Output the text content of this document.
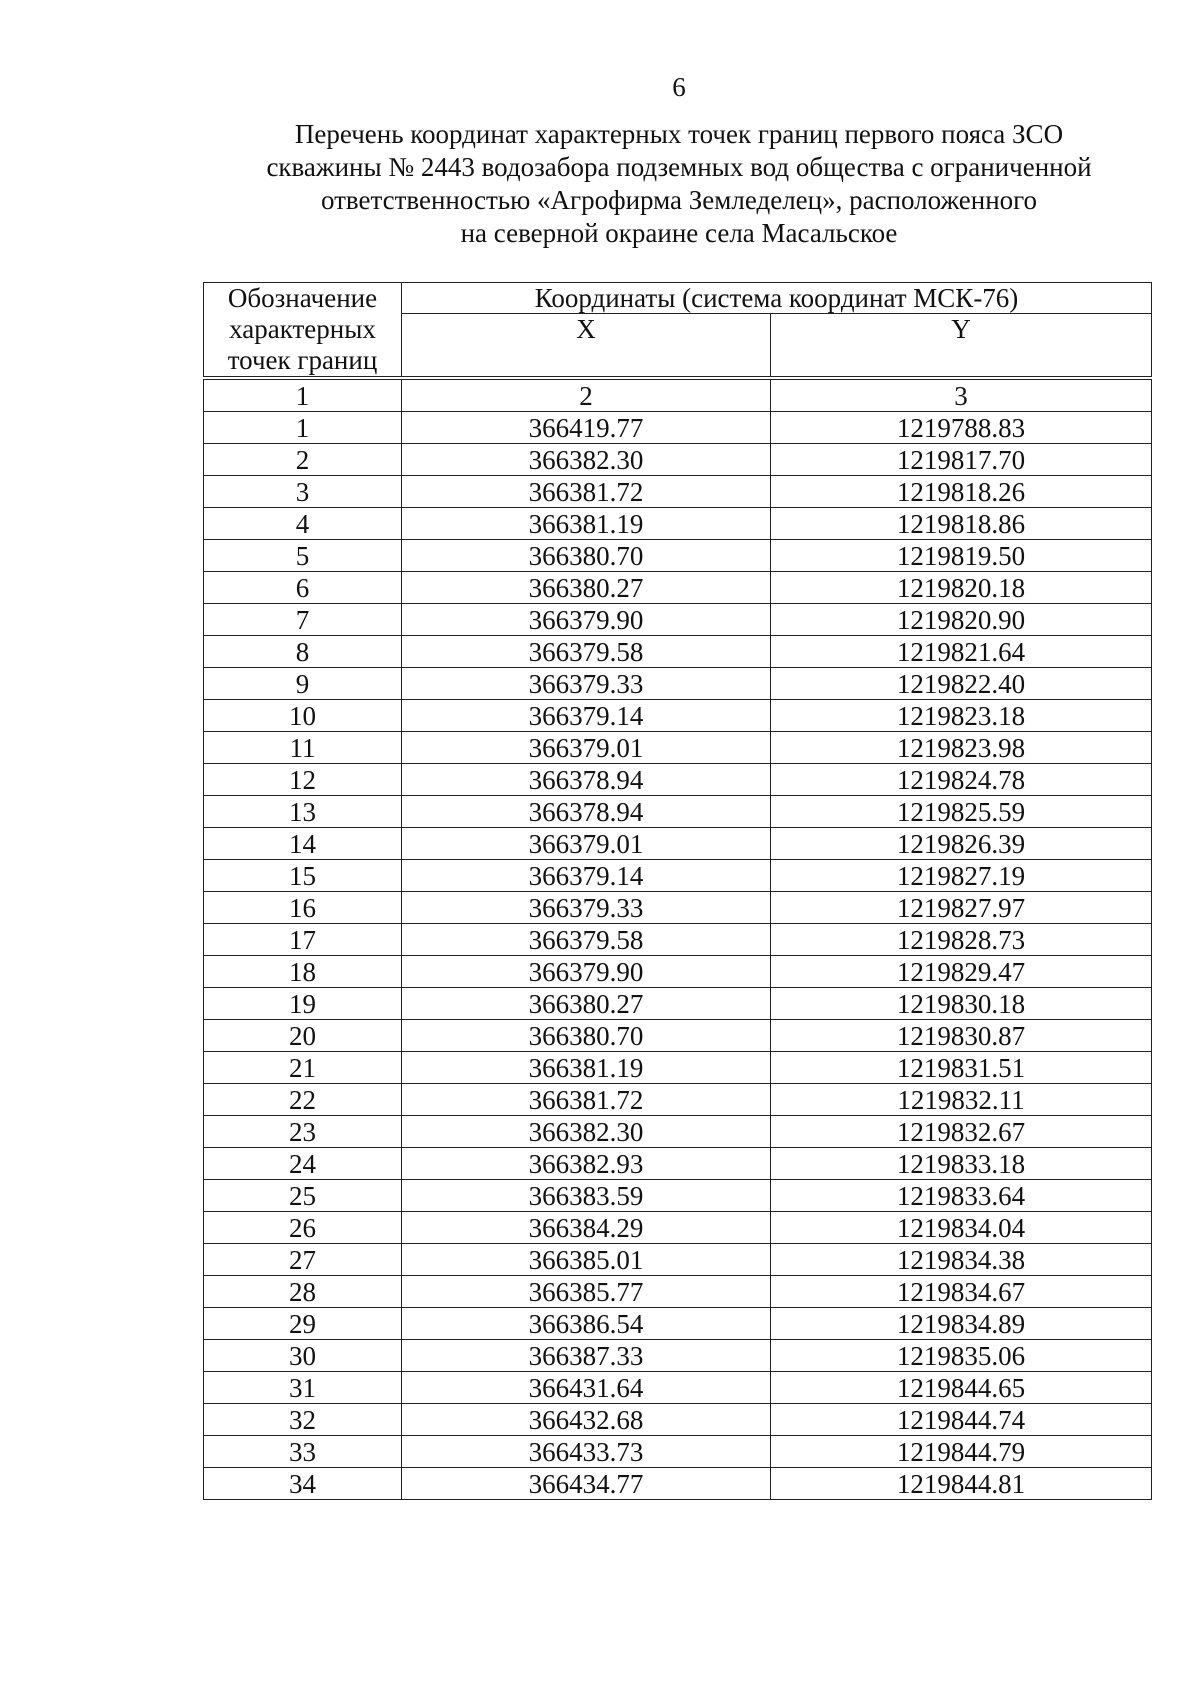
6
Перечень координат характерных точек границ первого пояса ЗСО
скважины № 2443 водозабора подземных вод общества с ограниченной
ответственностью «Агрофирма Земледелец», расположенного
на северной окраине села Масальское
Обозначение характерных точек границ	Координаты (система координат МСК-76)	
	X	Y
1	2	3
1	366419.77	1219788.83
2	366382.30	1219817.70
3	366381.72	1219818.26
4	366381.19	1219818.86
5	366380.70	1219819.50
6	366380.27	1219820.18
7	366379.90	1219820.90
8	366379.58	1219821.64
9	366379.33	1219822.40
10	366379.14	1219823.18
11	366379.01	1219823.98
12	366378.94	1219824.78
13	366378.94	1219825.59
14	366379.01	1219826.39
15	366379.14	1219827.19
16	366379.33	1219827.97
17	366379.58	1219828.73
18	366379.90	1219829.47
19	366380.27	1219830.18
20	366380.70	1219830.87
21	366381.19	1219831.51
22	366381.72	1219832.11
23	366382.30	1219832.67
24	366382.93	1219833.18
25	366383.59	1219833.64
26	366384.29	1219834.04
27	366385.01	1219834.38
28	366385.77	1219834.67
29	366386.54	1219834.89
30	366387.33	1219835.06
31	366431.64	1219844.65
32	366432.68	1219844.74
33	366433.73	1219844.79
34	366434.77	1219844.81
